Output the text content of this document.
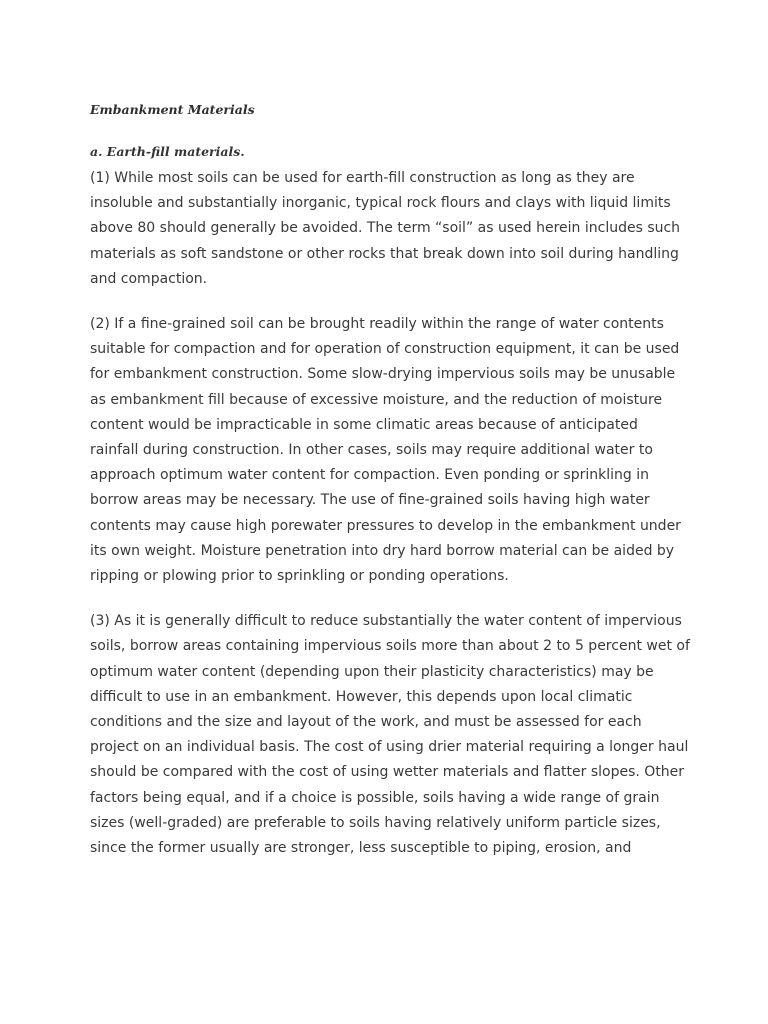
Embankment Materials
a. Earth-fill materials.

(1) While most soils can be used for earth-fill construction as long as they are insoluble and substantially inorganic, typical rock flours and clays with liquid limits above 80 should generally be avoided. The term “soil” as used herein includes such materials as soft sandstone or other rocks that break down into soil during handling and compaction.

(2) If a fine-grained soil can be brought readily within the range of water contents suitable for compaction and for operation of construction equipment, it can be used for embankment construction. Some slow-drying impervious soils may be unusable as embankment fill because of excessive moisture, and the reduction of moisture content would be impracticable in some climatic areas because of anticipated rainfall during construction. In other cases, soils may require additional water to approach optimum water content for compaction. Even ponding or sprinkling in borrow areas may be necessary. The use of fine-grained soils having high water contents may cause high porewater pressures to develop in the embankment under its own weight. Moisture penetration into dry hard borrow material can be aided by ripping or plowing prior to sprinkling or ponding operations.

(3) As it is generally difficult to reduce substantially the water content of impervious soils, borrow areas containing impervious soils more than about 2 to 5 percent wet of optimum water content (depending upon their plasticity characteristics) may be difficult to use in an embankment. However, this depends upon local climatic conditions and the size and layout of the work, and must be assessed for each project on an individual basis. The cost of using drier material requiring a longer haul should be compared with the cost of using wetter materials and flatter slopes. Other factors being equal, and if a choice is possible, soils having a wide range of grain sizes (well-graded) are preferable to soils having relatively uniform particle sizes, since the former usually are stronger, less susceptible to piping, erosion, and
